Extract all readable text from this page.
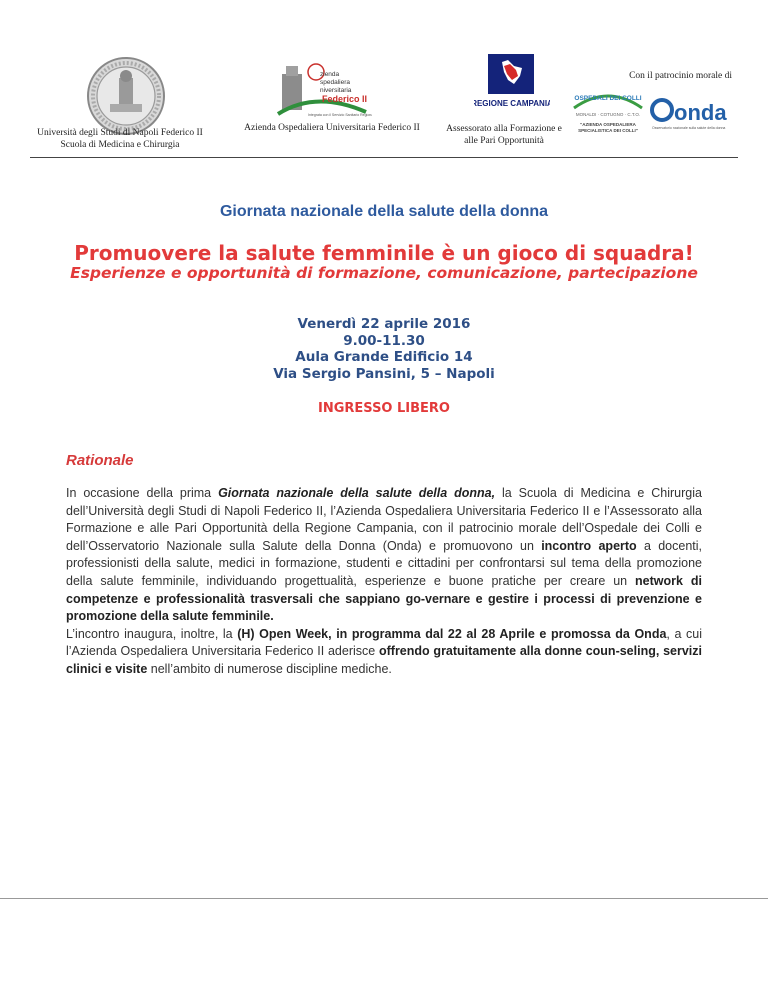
Università degli Studi di Napoli Federico II
Scuola di Medicina e Chirurgia
Integrata con il Servizio Sanitario Regionale
zienda
spedaliera
niversitaria
Federico II
Azienda Ospedaliera Universitaria Federico II
REGIONE CAMPANIA
Assessorato alla Formazione e
alle Pari Opportunità
Con il patrocinio morale di
OSPEDALI DEI COLLI
MONALDI · COTUGNO · C.T.O.
"AZIENDA OSPEDALIERA
SPECIALISTICA DEI COLLI"
onda
Osservatorio nazionale sulla salute della donna
Giornata nazionale della salute della donna
Promuovere la salute femminile è un gioco di squadra!
Esperienze e opportunità di formazione, comunicazione, partecipazione
Venerdì 22 aprile 2016
9.00-11.30
Aula Grande Edificio 14
Via Sergio Pansini, 5 – Napoli
INGRESSO LIBERO
Rationale

In occasione della prima Giornata nazionale della salute della donna, la Scuola di Medicina e Chirurgia dell’Università degli Studi di Napoli Federico II, l’Azienda Ospedaliera Universitaria Federico II e l’Assessorato alla Formazione e alle Pari Opportunità della Regione Campania, con il patrocinio morale dell’Ospedale dei Colli e dell’Osservatorio Nazionale sulla Salute della Donna (Onda) e promuovono un incontro aperto a docenti, professionisti della salute, medici in formazione, studenti e cittadini per confrontarsi sul tema della promozione della salute femminile, individuando progettualità, esperienze e buone pratiche per creare un network di competenze e professionalità trasversali che sappiano go-vernare e gestire i processi di prevenzione e promozione della salute femminile.

L’incontro inaugura, inoltre, la (H) Open Week, in programma dal 22 al 28 Aprile e promossa da Onda, a cui l’Azienda Ospedaliera Universitaria Federico II aderisce offrendo gratuitamente alla donne coun-seling, servizi clinici e visite nell’ambito di numerose discipline mediche.
